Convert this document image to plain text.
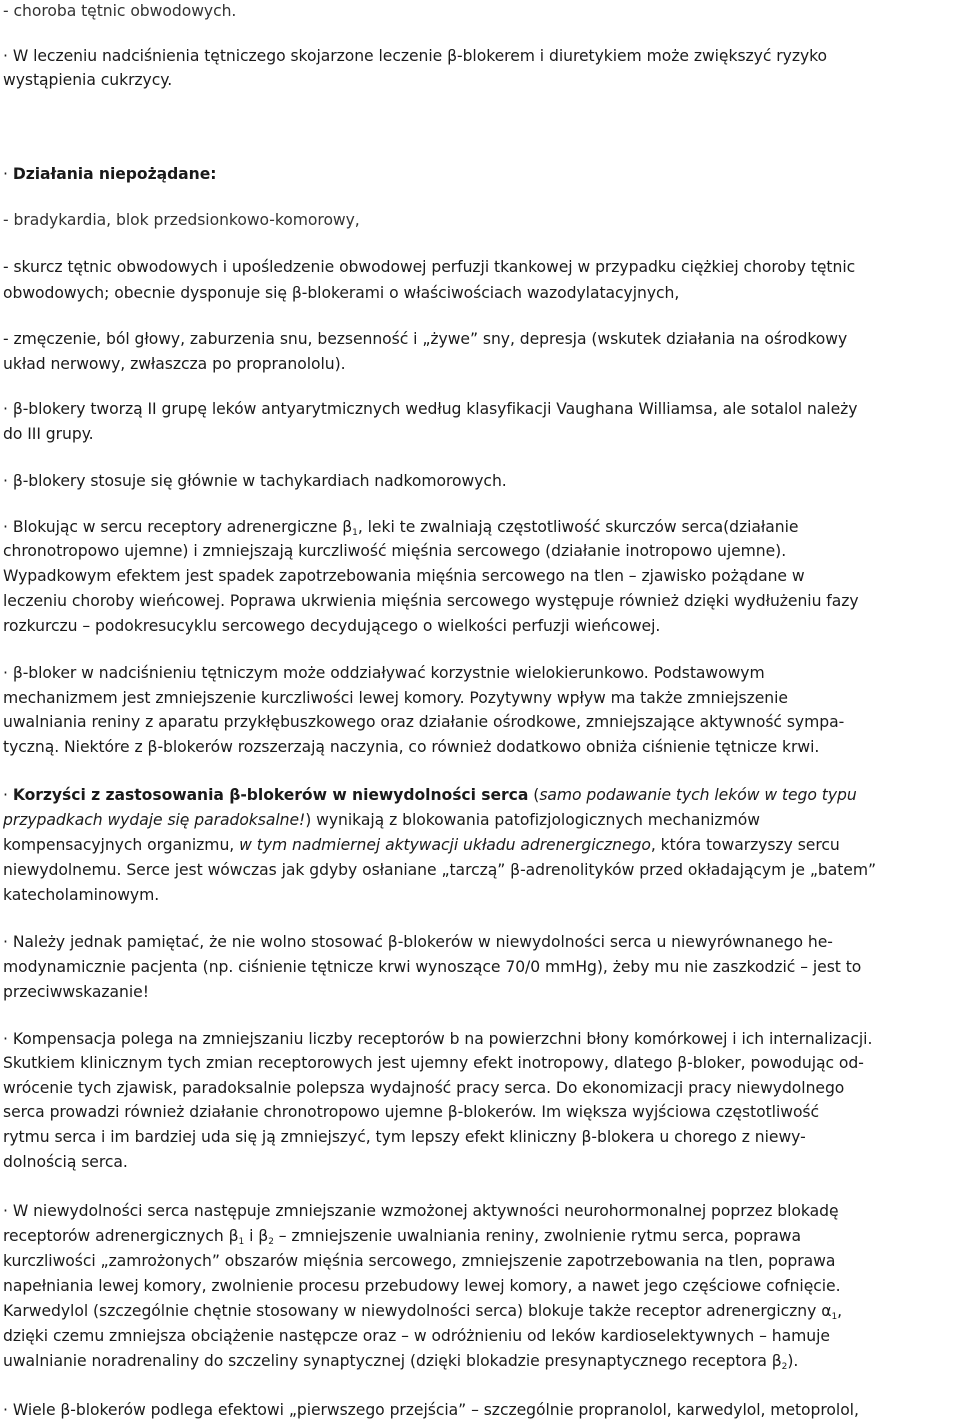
- choroba tętnic obwodowych.
· W leczeniu nadciśnienia tętniczego skojarzone leczenie β-blokerem i diuretykiem może zwiększyć ryzyko
wystąpienia cukrzycy.
· Działania niepożądane:
- bradykardia, blok przedsionkowo-komorowy,
- skurcz tętnic obwodowych i upośledzenie obwodowej perfuzji tkankowej w przypadku ciężkiej choroby tętnic
obwodowych; obecnie dysponuje się β-blokerami o właściwościach wazodylatacyjnych,
- zmęczenie, ból głowy, zaburzenia snu, bezsenność i „żywe” sny, depresja (wskutek działania na ośrodkowy
układ nerwowy, zwłaszcza po propranololu).
· β-blokery tworzą II grupę leków antyarytmicznych według klasyfikacji Vaughana Williamsa, ale sotalol należy
do III grupy.
· β-blokery stosuje się głównie w tachykardiach nadkomorowych.
· Blokując w sercu receptory adrenergiczne $\beta_1$, leki te zwalniają częstotliwość skurczów serca(działanie
chronotropowo ujemne) i zmniejszają kurczliwość mięśnia sercowego (działanie inotropowo ujemne).
Wypadkowym efektem jest spadek zapotrzebowania mięśnia sercowego na tlen – zjawisko pożądane w
leczeniu choroby wieńcowej. Poprawa ukrwienia mięśnia sercowego występuje również dzięki wydłużeniu fazy
rozkurczu – podokresucyklu sercowego decydującego o wielkości perfuzji wieńcowej.
· β-bloker w nadciśnieniu tętniczym może oddziaływać korzystnie wielokierunkowo. Podstawowym
mechanizmem jest zmniejszenie kurczliwości lewej komory. Pozytywny wpływ ma także zmniejszenie
uwalniania reniny z aparatu przykłębuszkowego oraz działanie ośrodkowe, zmniejszające aktywność sympa-
tyczną. Niektóre z β-blokerów rozszerzają naczynia, co również dodatkowo obniża ciśnienie tętnicze krwi.
· Korzyści z zastosowania β-blokerów w niewydolności serca (samo podawanie tych leków w tego typu
przypadkach wydaje się paradoksalne!) wynikają z blokowania patofizjologicznych mechanizmów
kompensacyjnych organizmu, w tym nadmiernej aktywacji układu adrenergicznego, która towarzyszy sercu
niewydolnemu. Serce jest wówczas jak gdyby osłaniane „tarczą” β-adrenolityków przed okładającym je „batem”
katecholaminowym.
· Należy jednak pamiętać, że nie wolno stosować β-blokerów w niewydolności serca u niewyrównanego he-
modynamicznie pacjenta (np. ciśnienie tętnicze krwi wynoszące 70/0 mmHg), żeby mu nie zaszkodzić – jest to
przeciwwskazanie!
· Kompensacja polega na zmniejszaniu liczby receptorów b na powierzchni błony komórkowej i ich internalizacji.
Skutkiem klinicznym tych zmian receptorowych jest ujemny efekt inotropowy, dlatego β-bloker, powodując od-
wrócenie tych zjawisk, paradoksalnie polepsza wydajność pracy serca. Do ekonomizacji pracy niewydolnego
serca prowadzi również działanie chronotropowo ujemne β-blokerów. Im większa wyjściowa częstotliwość
rytmu serca i im bardziej uda się ją zmniejszyć, tym lepszy efekt kliniczny β-blokera u chorego z niewy-
dolnością serca.
· W niewydolności serca następuje zmniejszanie wzmożonej aktywności neurohormonalnej poprzez blokadę
receptorów adrenergicznych $\beta_1$ i $\beta_2$ – zmniejszenie uwalniania reniny, zwolnienie rytmu serca, poprawa
kurczliwości „zamrożonych” obszarów mięśnia sercowego, zmniejszenie zapotrzebowania na tlen, poprawa
napełniania lewej komory, zwolnienie procesu przebudowy lewej komory, a nawet jego częściowe cofnięcie.
Karwedylol (szczególnie chętnie stosowany w niewydolności serca) blokuje także receptor adrenergiczny $\alpha_1$,
dzięki czemu zmniejsza obciążenie następcze oraz – w odróżnieniu od leków kardioselektywnych – hamuje
uwalnianie noradrenaliny do szczeliny synaptycznej (dzięki blokadzie presynaptycznego receptora $\beta_2$).
· Wiele β-blokerów podlega efektowi „pierwszego przejścia” – szczególnie propranolol, karwedylol, metoprolol,
